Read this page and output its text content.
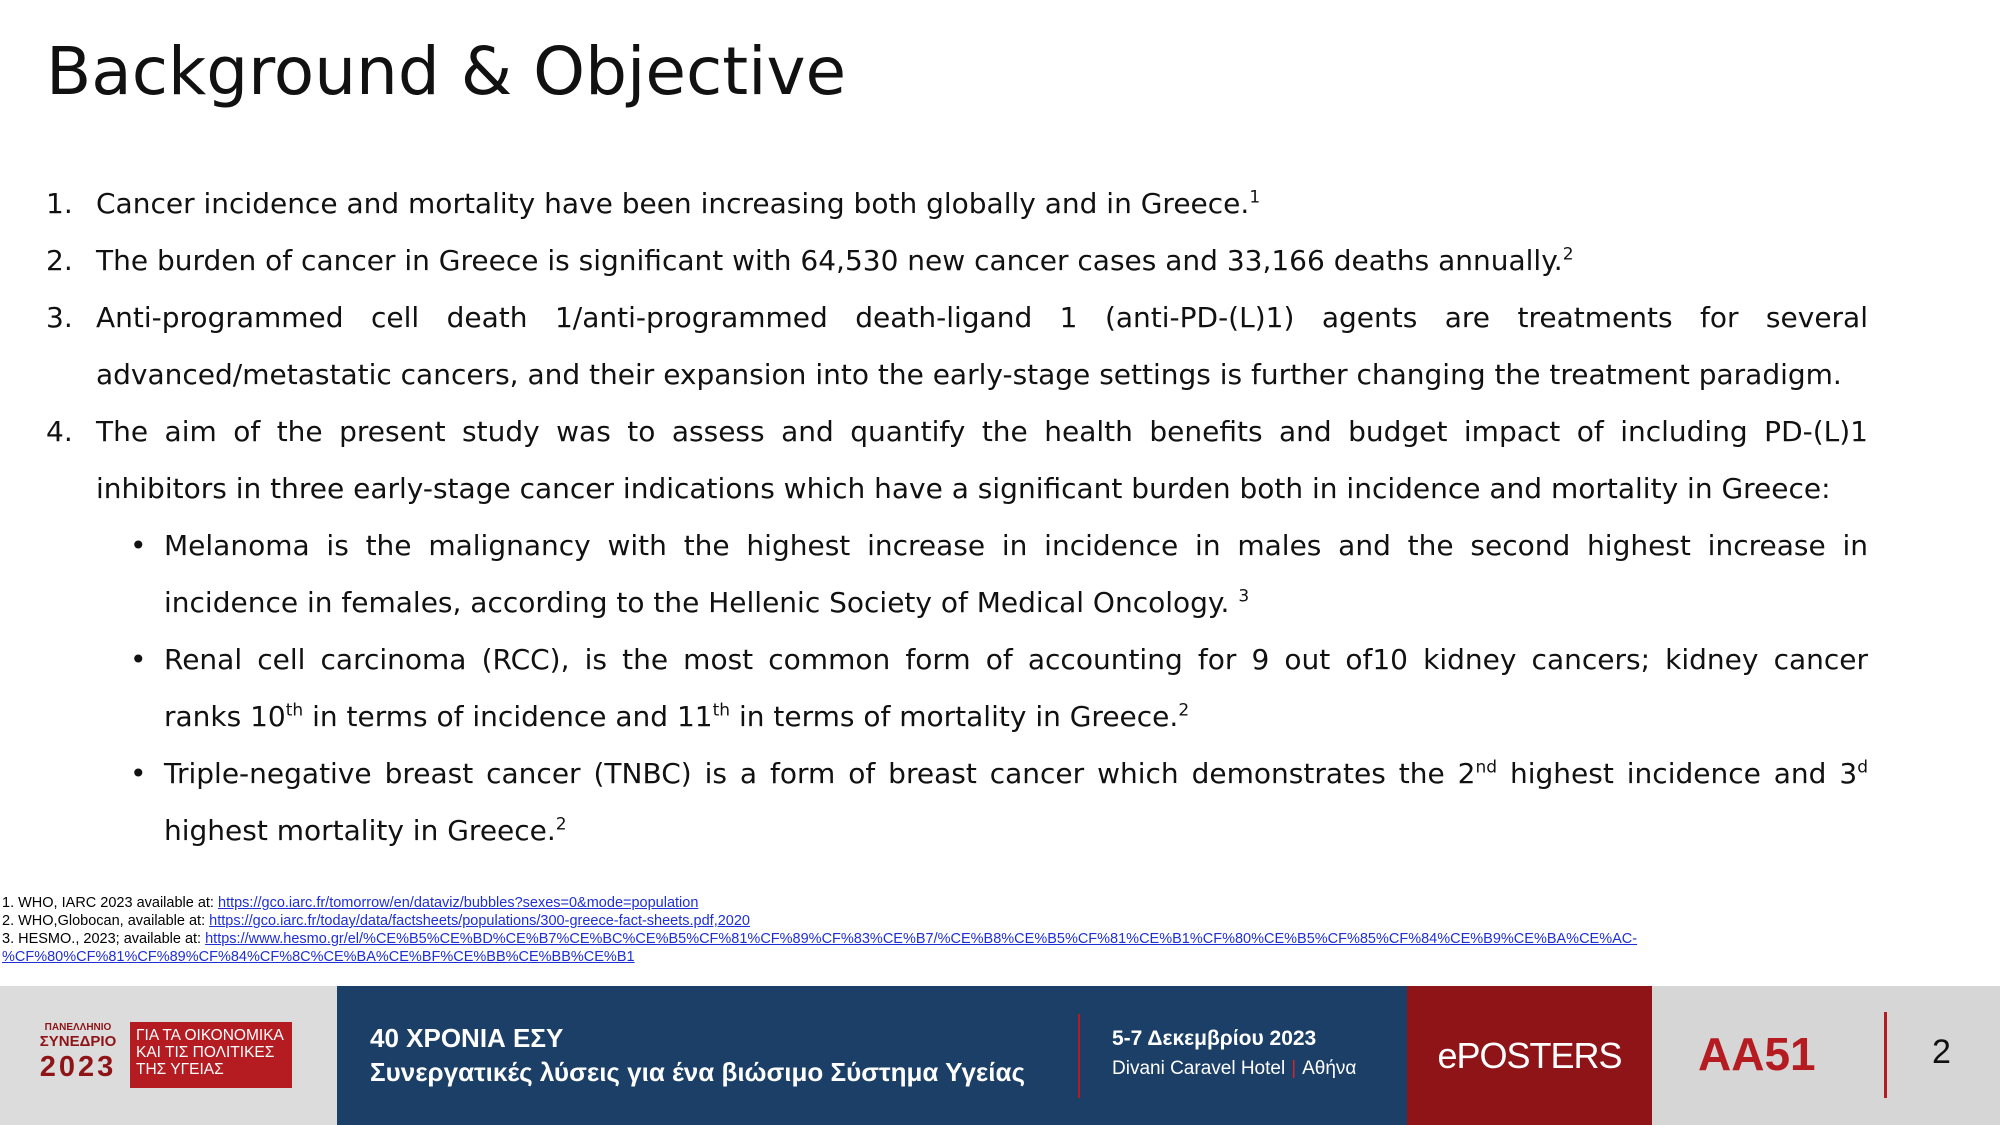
Background & Objective
1. Cancer incidence and mortality have been increasing both globally and in Greece.$^1$
2. The burden of cancer in Greece is significant with 64,530 new cancer cases and 33,166 deaths annually.$^2$
3. Anti-programmed cell death 1/anti-programmed death-ligand 1 (anti-PD-(L)1) agents are treatments for several
advanced/metastatic cancers, and their expansion into the early-stage settings is further changing the treatment paradigm.
4. The aim of the present study was to assess and quantify the health benefits and budget impact of including PD-(L)1
inhibitors in three early-stage cancer indications which have a significant burden both in incidence and mortality in Greece:
• Melanoma is the malignancy with the highest increase in incidence in males and the second highest increase in
incidence in females, according to the Hellenic Society of Medical Oncology. $^3$
• Renal cell carcinoma (RCC), is the most common form of accounting for 9 out of10 kidney cancers; kidney cancer
ranks 10th in terms of incidence and 11th in terms of mortality in Greece.$^2$
• Triple-negative breast cancer (TNBC) is a form of breast cancer which demonstrates the 2nd highest incidence and 3$^d$
highest mortality in Greece.$^2$
1. WHO, IARC 2023 available at: https://gco.iarc.fr/tomorrow/en/dataviz/bubbles?sexes=0&mode=population
2. WHO,Globocan, available at: https://gco.iarc.fr/today/data/factsheets/populations/300-greece-fact-sheets.pdf,2020
3. HESMO., 2023; available at: https://www.hesmo.gr/el/%CE%B5%CE%BD%CE%B7%CE%BC%CE%B5%CF%81%CF%89%CF%83%CE%B7/%CE%B8%CE%B5%CF%81%CE%B1%CF%80%CE%B5%CF%85%CF%84%CE%B9%CE%BA%CE%AC-
%CF%80%CF%81%CF%89%CF%84%CF%8C%CE%BA%CE%BF%CE%BB%CE%BB%CE%B1
ΠΑΝΕΛΛΗΝΙΟ
ΣΥΝΕΔΡΙΟ
2023
ΓΙΑ ΤΑ ΟΙΚΟΝΟΜΙΚΑ
ΚΑΙ ΤΙΣ ΠΟΛΙΤΙΚΕΣ
ΤΗΣ ΥΓΕΙΑΣ
40 ΧΡΟΝΙΑ ΕΣΥ
Συνεργατικές λύσεις για ένα βιώσιμο Σύστημα Υγείας
5-7 Δεκεμβρίου 2023
Divani Caravel Hotel | Αθήνα	ePOSTERS	AA51	2
